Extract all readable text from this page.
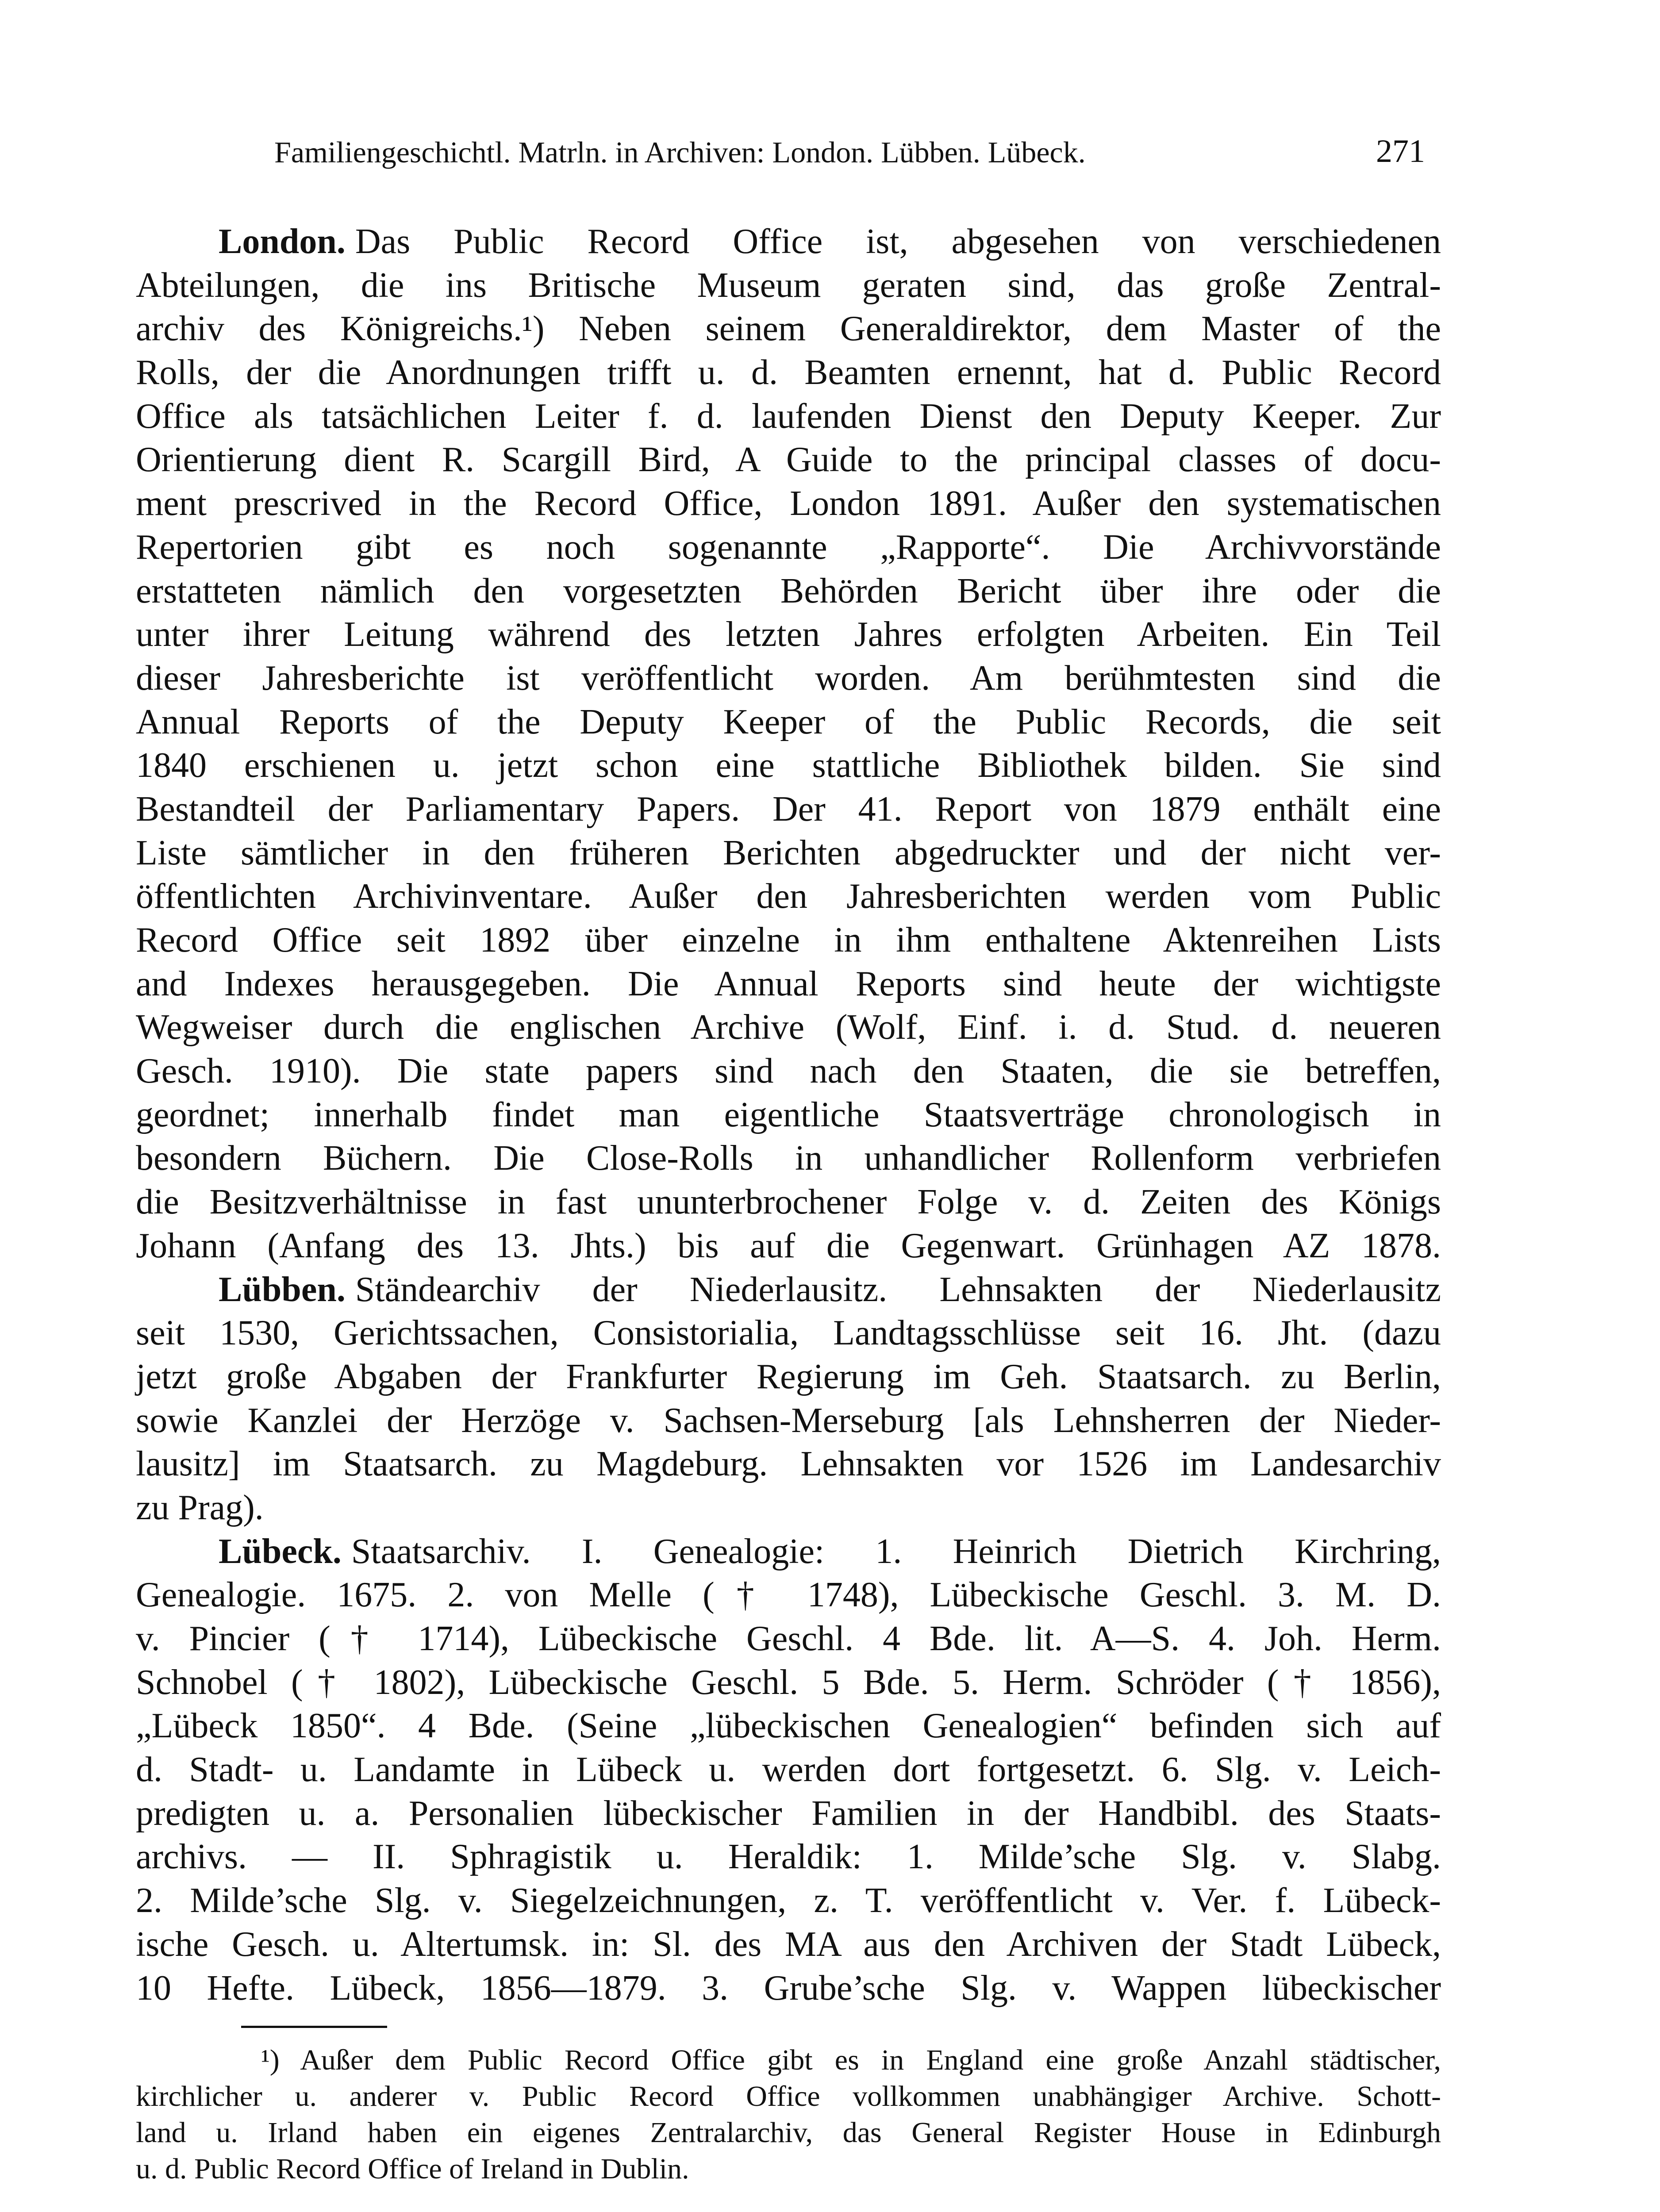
Familiengeschichtl. Matrln. in Archiven: London. Lübben. Lübeck.	271
London. Das Public Record Office ist, abgesehen von verschiedenen
Abteilungen, die ins Britische Museum geraten sind, das große Zentral-
archiv des Königreichs.¹) Neben seinem Generaldirektor, dem Master of the
Rolls, der die Anordnungen trifft u. d. Beamten ernennt, hat d. Public Record
Office als tatsächlichen Leiter f. d. laufenden Dienst den Deputy Keeper. Zur
Orientierung dient R. Scargill Bird, A Guide to the principal classes of docu-
ment prescrived in the Record Office, London 1891. Außer den systematischen
Repertorien gibt es noch sogenannte „Rapporte“. Die Archivvorstände
erstatteten nämlich den vorgesetzten Behörden Bericht über ihre oder die
unter ihrer Leitung während des letzten Jahres erfolgten Arbeiten. Ein Teil
dieser Jahresberichte ist veröffentlicht worden. Am berühmtesten sind die
Annual Reports of the Deputy Keeper of the Public Records, die seit
1840 erschienen u. jetzt schon eine stattliche Bibliothek bilden. Sie sind
Bestandteil der Parliamentary Papers. Der 41. Report von 1879 enthält eine
Liste sämtlicher in den früheren Berichten abgedruckter und der nicht ver-
öffentlichten Archivinventare. Außer den Jahresberichten werden vom Public
Record Office seit 1892 über einzelne in ihm enthaltene Aktenreihen Lists
and Indexes herausgegeben. Die Annual Reports sind heute der wichtigste
Wegweiser durch die englischen Archive (Wolf, Einf. i. d. Stud. d. neueren
Gesch. 1910). Die state papers sind nach den Staaten, die sie betreffen,
geordnet; innerhalb findet man eigentliche Staatsverträge chronologisch in
besondern Büchern. Die Close-Rolls in unhandlicher Rollenform verbriefen
die Besitzverhältnisse in fast ununterbrochener Folge v. d. Zeiten des Königs
Johann (Anfang des 13. Jhts.) bis auf die Gegenwart. Grünhagen AZ 1878.
Lübben. Ständearchiv der Niederlausitz. Lehnsakten der Niederlausitz
seit 1530, Gerichtssachen, Consistorialia, Landtagsschlüsse seit 16. Jht. (dazu
jetzt große Abgaben der Frankfurter Regierung im Geh. Staatsarch. zu Berlin,
sowie Kanzlei der Herzöge v. Sachsen-Merseburg [als Lehnsherren der Nieder-
lausitz] im Staatsarch. zu Magdeburg. Lehnsakten vor 1526 im Landesarchiv
zu Prag).
Lübeck. Staatsarchiv. I. Genealogie: 1. Heinrich Dietrich Kirchring,
Genealogie. 1675. 2. von Melle († 1748), Lübeckische Geschl. 3. M. D.
v. Pincier († 1714), Lübeckische Geschl. 4 Bde. lit. A—S. 4. Joh. Herm.
Schnobel († 1802), Lübeckische Geschl. 5 Bde. 5. Herm. Schröder († 1856),
„Lübeck 1850“. 4 Bde. (Seine „lübeckischen Genealogien“ befinden sich auf
d. Stadt- u. Landamte in Lübeck u. werden dort fortgesetzt. 6. Slg. v. Leich-
predigten u. a. Personalien lübeckischer Familien in der Handbibl. des Staats-
archivs. — II. Sphragistik u. Heraldik: 1. Milde’sche Slg. v. Slabg.
2. Milde’sche Slg. v. Siegelzeichnungen, z. T. veröffentlicht v. Ver. f. Lübeck-
ische Gesch. u. Altertumsk. in: Sl. des MA aus den Archiven der Stadt Lübeck,
10 Hefte. Lübeck, 1856—1879. 3. Grube’sche Slg. v. Wappen lübeckischer
¹) Außer dem Public Record Office gibt es in England eine große Anzahl städtischer,
kirchlicher u. anderer v. Public Record Office vollkommen unabhängiger Archive. Schott-
land u. Irland haben ein eigenes Zentralarchiv, das General Register House in Edinburgh
u. d. Public Record Office of Ireland in Dublin.
